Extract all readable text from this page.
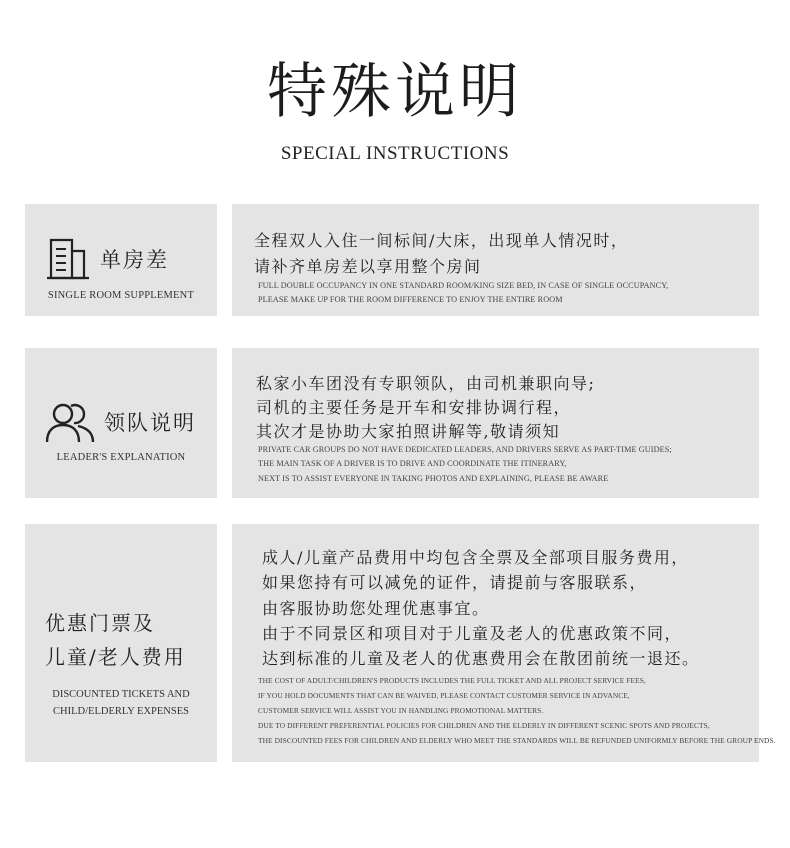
特殊说明
SPECIAL INSTRUCTIONS
单房差
SINGLE ROOM SUPPLEMENT
全程双人入住一间标间/大床，出现单人情况时，
请补齐单房差以享用整个房间
FULL DOUBLE OCCUPANCY IN ONE STANDARD ROOM/KING SIZE BED, IN CASE OF SINGLE OCCUPANCY,
PLEASE MAKE UP FOR THE ROOM DIFFERENCE TO ENJOY THE ENTIRE ROOM
领队说明
LEADER'S EXPLANATION
私家小车团没有专职领队，由司机兼职向导;
司机的主要任务是开车和安排协调行程，
其次才是协助大家拍照讲解等,敬请须知
PRIVATE CAR GROUPS DO NOT HAVE DEDICATED LEADERS, AND DRIVERS SERVE AS PART-TIME GUIDES;
THE MAIN TASK OF A DRIVER IS TO DRIVE AND COORDINATE THE ITINERARY,
NEXT IS TO ASSIST EVERYONE IN TAKING PHOTOS AND EXPLAINING, PLEASE BE AWARE
优惠门票及
儿童/老人费用
DISCOUNTED TICKETS AND
CHILD/ELDERLY EXPENSES
成人/儿童产品费用中均包含全票及全部项目服务费用，
如果您持有可以减免的证件，请提前与客服联系，
由客服协助您处理优惠事宜。
由于不同景区和项目对于儿童及老人的优惠政策不同，
达到标准的儿童及老人的优惠费用会在散团前统一退还。
THE COST OF ADULT/CHILDREN'S PRODUCTS INCLUDES THE FULL TICKET AND ALL PROJECT SERVICE FEES,
IF YOU HOLD DOCUMENTS THAT CAN BE WAIVED, PLEASE CONTACT CUSTOMER SERVICE IN ADVANCE,
CUSTOMER SERVICE WILL ASSIST YOU IN HANDLING PROMOTIONAL MATTERS.
DUE TO DIFFERENT PREFERENTIAL POLICIES FOR CHILDREN AND THE ELDERLY IN DIFFERENT SCENIC SPOTS AND PROJECTS,
THE DISCOUNTED FEES FOR CHILDREN AND ELDERLY WHO MEET THE STANDARDS WILL BE REFUNDED UNIFORMLY BEFORE THE GROUP ENDS.
